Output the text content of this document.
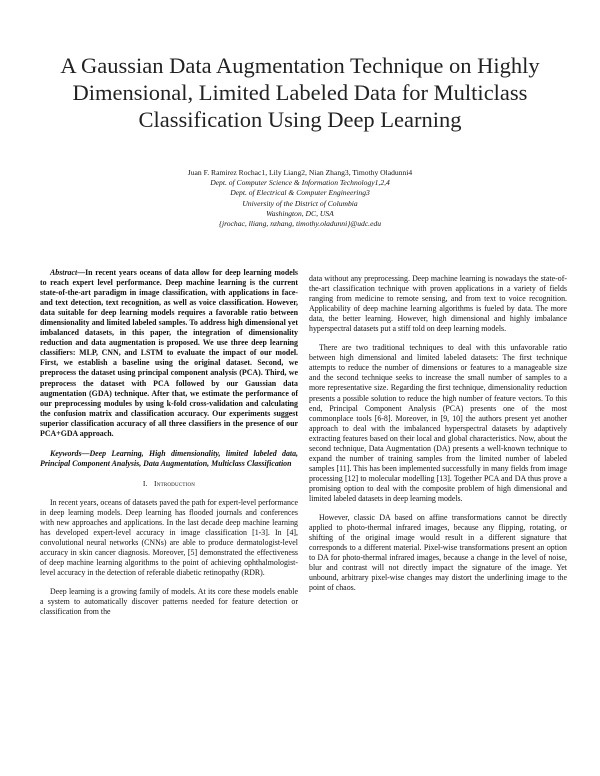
A Gaussian Data Augmentation Technique on Highly Dimensional, Limited Labeled Data for Multiclass Classification Using Deep Learning
Juan F. Ramirez Rochac1, Lily Liang2, Nian Zhang3, Timothy Oladunni4
Dept. of Computer Science & Information Technology1,2,4
Dept. of Electrical & Computer Engineering3
University of the District of Columbia
Washington, DC, USA
{jrochac, lliang, nzhang, timothy.oladunni}@udc.edu

Abstract—In recent years oceans of data allow for deep learning models to reach expert level performance. Deep machine learning is the current state-of-the-art paradigm in image classification, with applications in face- and text detection, text recognition, as well as voice classification. However, data suitable for deep learning models requires a favorable ratio between dimensionality and limited labeled samples. To address high dimensional yet imbalanced datasets, in this paper, the integration of dimensionality reduction and data augmentation is proposed. We use three deep learning classifiers: MLP, CNN, and LSTM to evaluate the impact of our model. First, we establish a baseline using the original dataset. Second, we preprocess the dataset using principal component analysis (PCA). Third, we preprocess the dataset with PCA followed by our Gaussian data augmentation (GDA) technique. After that, we estimate the performance of our preprocessing modules by using k-fold cross-validation and calculating the confusion matrix and classification accuracy. Our experiments suggest superior classification accuracy of all three classifiers in the presence of our PCA+GDA approach.

Keywords—Deep Learning, High dimensionality, limited labeled data, Principal Component Analysis, Data Augmentation, Multiclass Classification

I. Introduction

In recent years, oceans of datasets paved the path for expert-level performance in deep learning models. Deep learning has flooded journals and conferences with new approaches and applications. In the last decade deep machine learning has developed expert-level accuracy in image classification [1-3]. In [4], convolutional neural networks (CNNs) are able to produce dermatologist-level accuracy in skin cancer diagnosis. Moreover, [5] demonstrated the effectiveness of deep machine learning algorithms to the point of achieving ophthalmologist-level accuracy in the detection of referable diabetic retinopathy (RDR).

Deep learning is a growing family of models. At its core these models enable a system to automatically discover patterns needed for feature detection or classification from the

data without any preprocessing. Deep machine learning is nowadays the state-of-the-art classification technique with proven applications in a variety of fields ranging from medicine to remote sensing, and from text to voice recognition. Applicability of deep machine learning algorithms is fueled by data. The more data, the better learning. However, high dimensional and highly imbalance hyperspectral datasets put a stiff told on deep learning models.

There are two traditional techniques to deal with this unfavorable ratio between high dimensional and limited labeled datasets: The first technique attempts to reduce the number of dimensions or features to a manageable size and the second technique seeks to increase the small number of samples to a more representative size. Regarding the first technique, dimensionality reduction presents a possible solution to reduce the high number of feature vectors. To this end, Principal Component Analysis (PCA) presents one of the most commonplace tools [6-8]. Moreover, in [9, 10] the authors present yet another approach to deal with the imbalanced hyperspectral datasets by adaptively extracting features based on their local and global characteristics. Now, about the second technique, Data Augmentation (DA) presents a well-known technique to expand the number of training samples from the limited number of labeled samples [11]. This has been implemented successfully in many fields from image processing [12] to molecular modelling [13]. Together PCA and DA thus prove a promising option to deal with the composite problem of high dimensional and limited labeled datasets in deep learning models.

However, classic DA based on affine transformations cannot be directly applied to photo-thermal infrared images, because any flipping, rotating, or shifting of the original image would result in a different signature that corresponds to a different material. Pixel-wise transformations present an option to DA for photo-thermal infrared images, because a change in the level of noise, blur and contrast will not directly impact the signature of the image. Yet unbound, arbitrary pixel-wise changes may distort the underlining image to the point of chaos.
